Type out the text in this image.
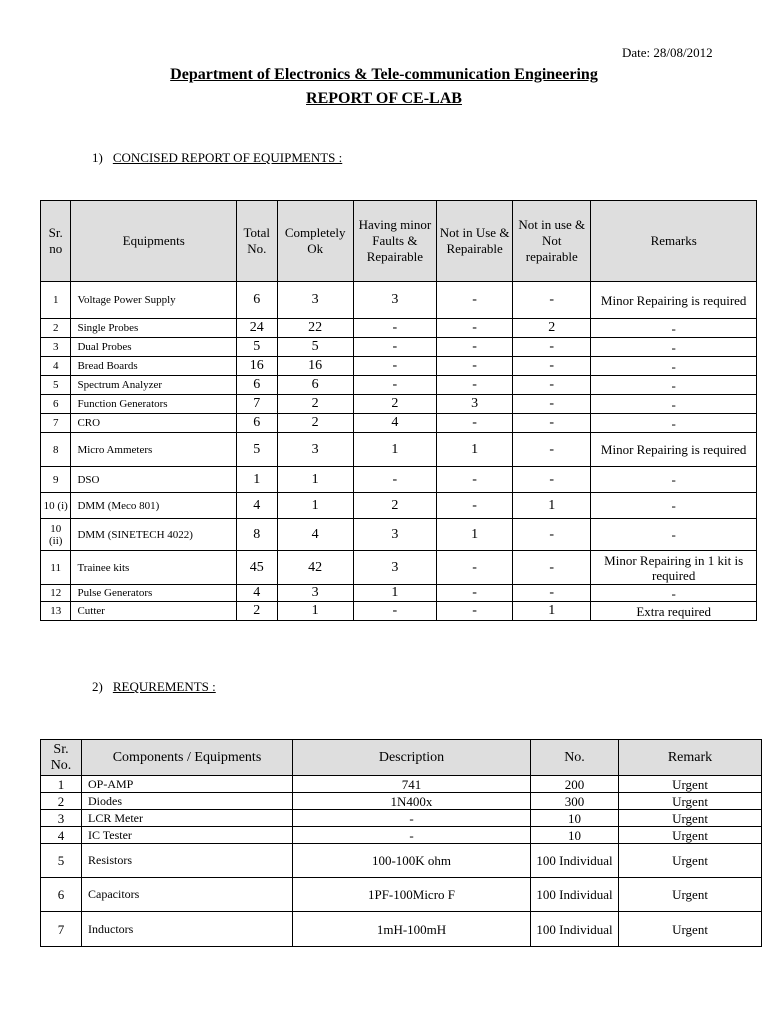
Date: 28/08/2012
Department of Electronics & Tele-communication Engineering
REPORT OF CE-LAB
1) CONCISED REPORT OF EQUIPMENTS :
Sr. no	Equipments	Total No.	Completely Ok	Having minor Faults & Repairable	Not in Use & Repairable	Not in use & Not repairable	Remarks
1	Voltage Power Supply	6	3	3	-	-	Minor Repairing is required
2	Single Probes	24	22	-	-	2	-
3	Dual Probes	5	5	-	-	-	-
4	Bread Boards	16	16	-	-	-	-
5	Spectrum Analyzer	6	6	-	-	-	-
6	Function Generators	7	2	2	3	-	-
7	CRO	6	2	4	-	-	-
8	Micro Ammeters	5	3	1	1	-	Minor Repairing is required
9	DSO	1	1	-	-	-	-
10 (i)	DMM (Meco 801)	4	1	2	-	1	-
10 (ii)	DMM (SINETECH 4022)	8	4	3	1	-	-
11	Trainee kits	45	42	3	-	-	Minor Repairing in 1 kit is required
12	Pulse Generators	4	3	1	-	-	-
13	Cutter	2	1	-	-	1	Extra required
2) REQUREMENTS :
Sr. No.	Components / Equipments	Description	No.	Remark
1	OP-AMP	741	200	Urgent
2	Diodes	1N400x	300	Urgent
3	LCR Meter	-	10	Urgent
4	IC Tester	-	10	Urgent
5	Resistors	100-100K ohm	100 Individual	Urgent
6	Capacitors	1PF-100Micro F	100 Individual	Urgent
7	Inductors	1mH-100mH	100 Individual	Urgent
